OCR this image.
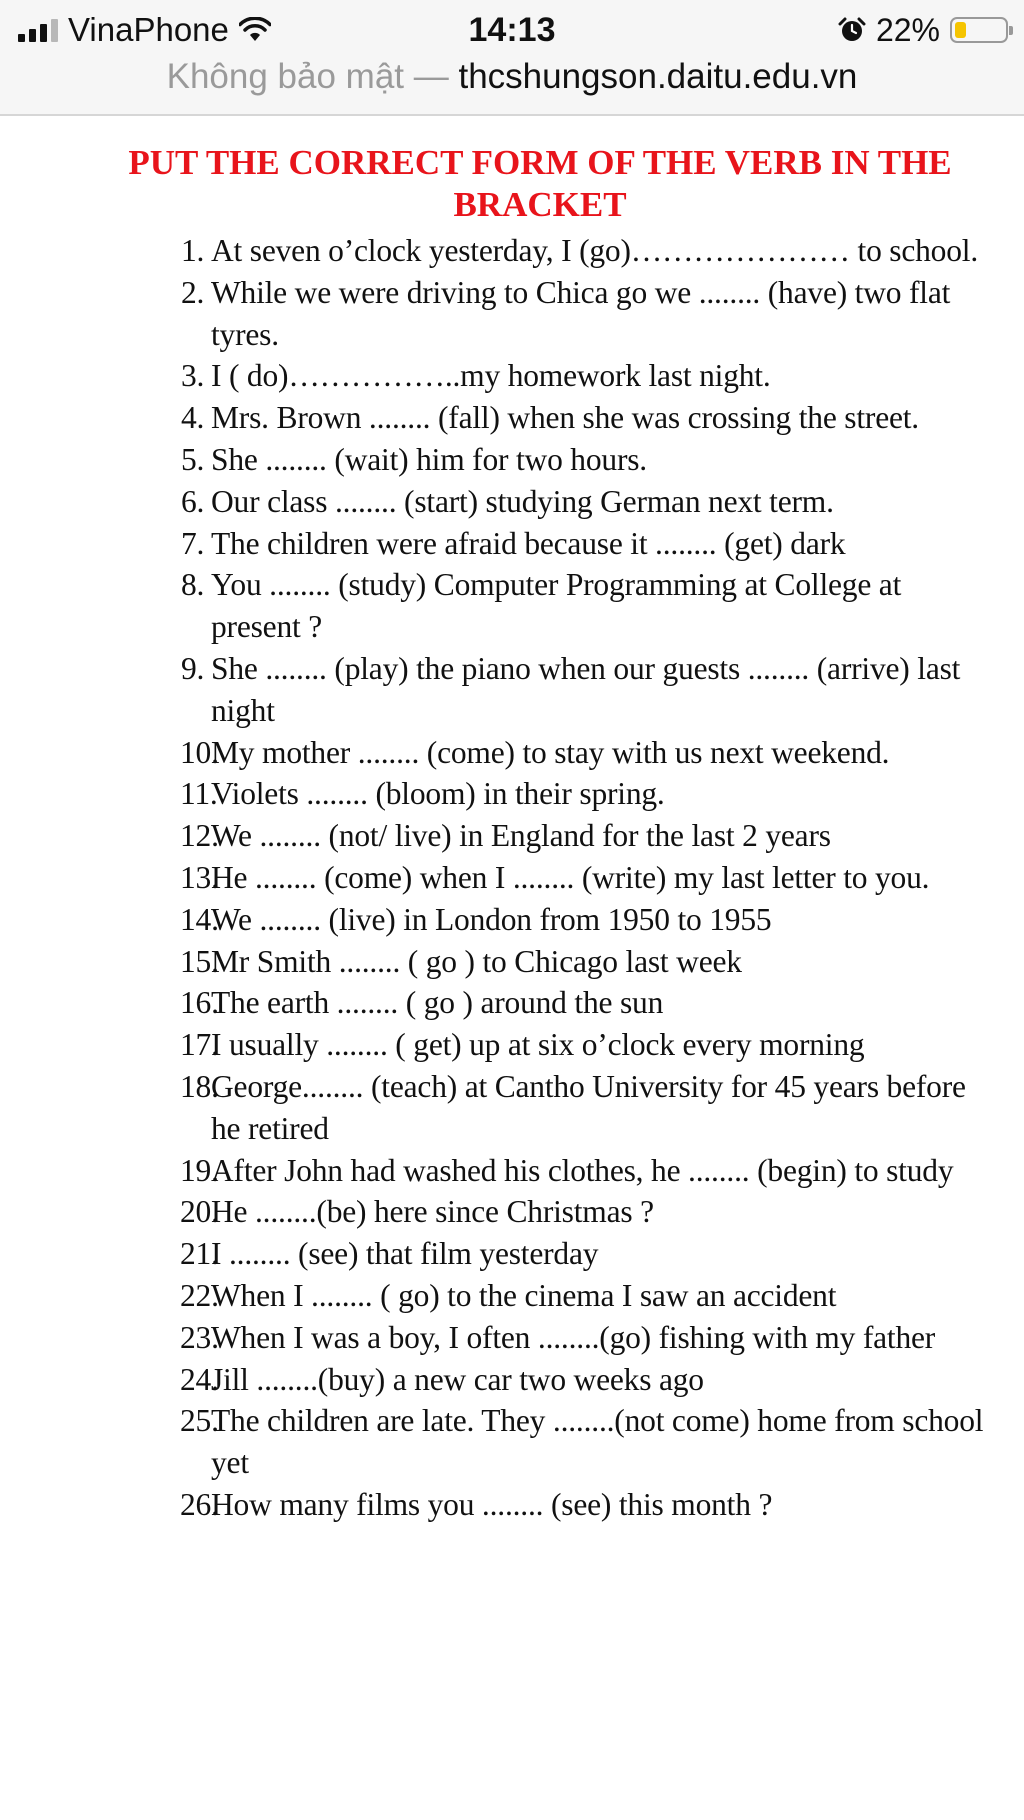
VinaPhone	14:13	22%
Không bảo mật — thcshungson.daitu.edu.vn
PUT THE CORRECT FORM OF THE VERB IN THE BRACKET
1. At seven o’clock yesterday, I (go)………………… to school.
2. While we were driving to Chica go we ........ (have) two flat tyres.
3. I ( do)……………..my homework last night.
4. Mrs. Brown ........ (fall) when she was crossing the street.
5. She ........ (wait) him for two hours.
6. Our class ........ (start) studying German next term.
7. The children were afraid because it ........ (get) dark
8. You ........ (study) Computer Programming at College at present ?
9. She ........ (play) the piano when our guests ........ (arrive) last night
10.
My mother ........ (come) to stay with us next weekend.
11.
Violets ........ (bloom) in their spring.
12.
We ........ (not/ live) in England for the last 2 years
13.
He ........ (come) when I ........ (write) my last letter to you.
14.
We ........ (live) in London from 1950 to 1955
15.
Mr Smith ........ ( go ) to Chicago last week
16.
The earth ........ ( go ) around the sun
17.
I usually ........ ( get) up at six o’clock every morning
18.
George........ (teach) at Cantho University for 45 years before he retired
19.
After John had washed his clothes, he ........ (begin) to study
20.
He ........(be) here since Christmas ?
21.
I ........ (see) that film yesterday
22.
When I ........ ( go) to the cinema I saw an accident
23.
When I was a boy, I often ........(go) fishing with my father
24.
Jill ........(buy) a new car two weeks ago
25.
The children are late. They ........(not come) home from school yet
26.
How many films you ........ (see) this month ?
